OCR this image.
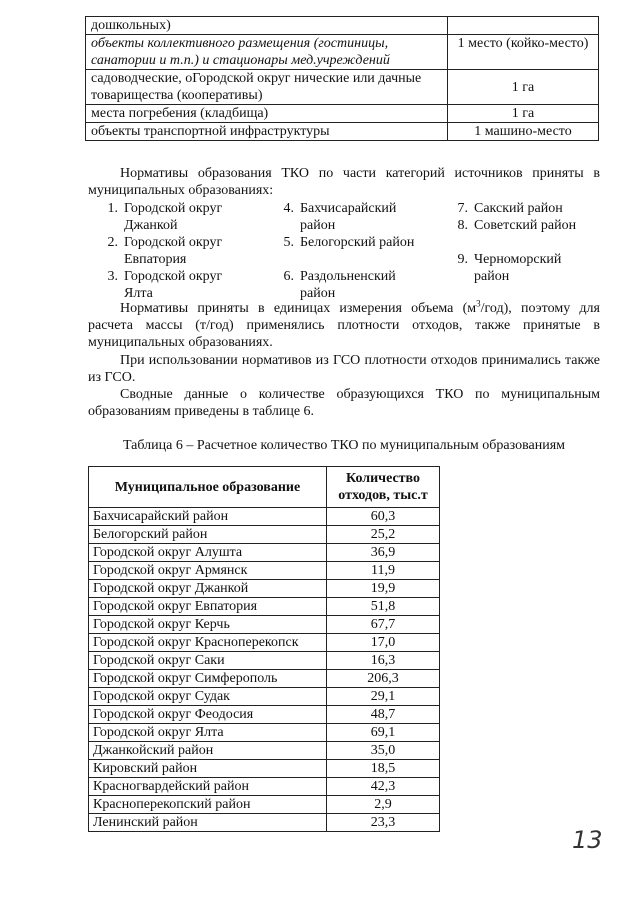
дошкольных)	
объекты коллективного размещения (гостиницы, санатории и т.п.) и стационары мед.учреждений	1 место (койко-место)
садоводческие, оГородской округ нические или дачные товарищества (кооперативы)	1 га
места погребения (кладбища)	1 га
объекты транспортной инфраструктуры	1 машино-место

Нормативы образования ТКО по части категорий источников приняты в муниципальных образованиях:

1. Городской округ Джанкой
2. Городской округ Евпатория
3. Городской округ Ялта
4. Бахчисарайский район
5. Белогорский район
6. Раздольненский район
7. Сакский район
8. Советский район
9. Черноморский район

Нормативы приняты в единицах измерения объема $(м^3/год)$, поэтому для расчета массы (т/год) применялись плотности отходов, также принятые в муниципальных образованиях.

При использовании нормативов из ГСО плотности отходов принимались также из ГСО.

Сводные данные о количестве образующихся ТКО по муниципальным образованиям приведены в таблице 6.

Таблица 6 – Расчетное количество ТКО по муниципальным образованиям

Муниципальное образование	Количество отходов, тыс.т
Бахчисарайский район	60,3
Белогорский район	25,2
Городской округ Алушта	36,9
Городской округ Армянск	11,9
Городской округ Джанкой	19,9
Городской округ Евпатория	51,8
Городской округ Керчь	67,7
Городской округ Красноперекопск	17,0
Городской округ Саки	16,3
Городской округ Симферополь	206,3
Городской округ Судак	29,1
Городской округ Феодосия	48,7
Городской округ Ялта	69,1
Джанкойский район	35,0
Кировский район	18,5
Красногвардейский район	42,3
Красноперекопский район	2,9
Ленинский район	23,3
13
